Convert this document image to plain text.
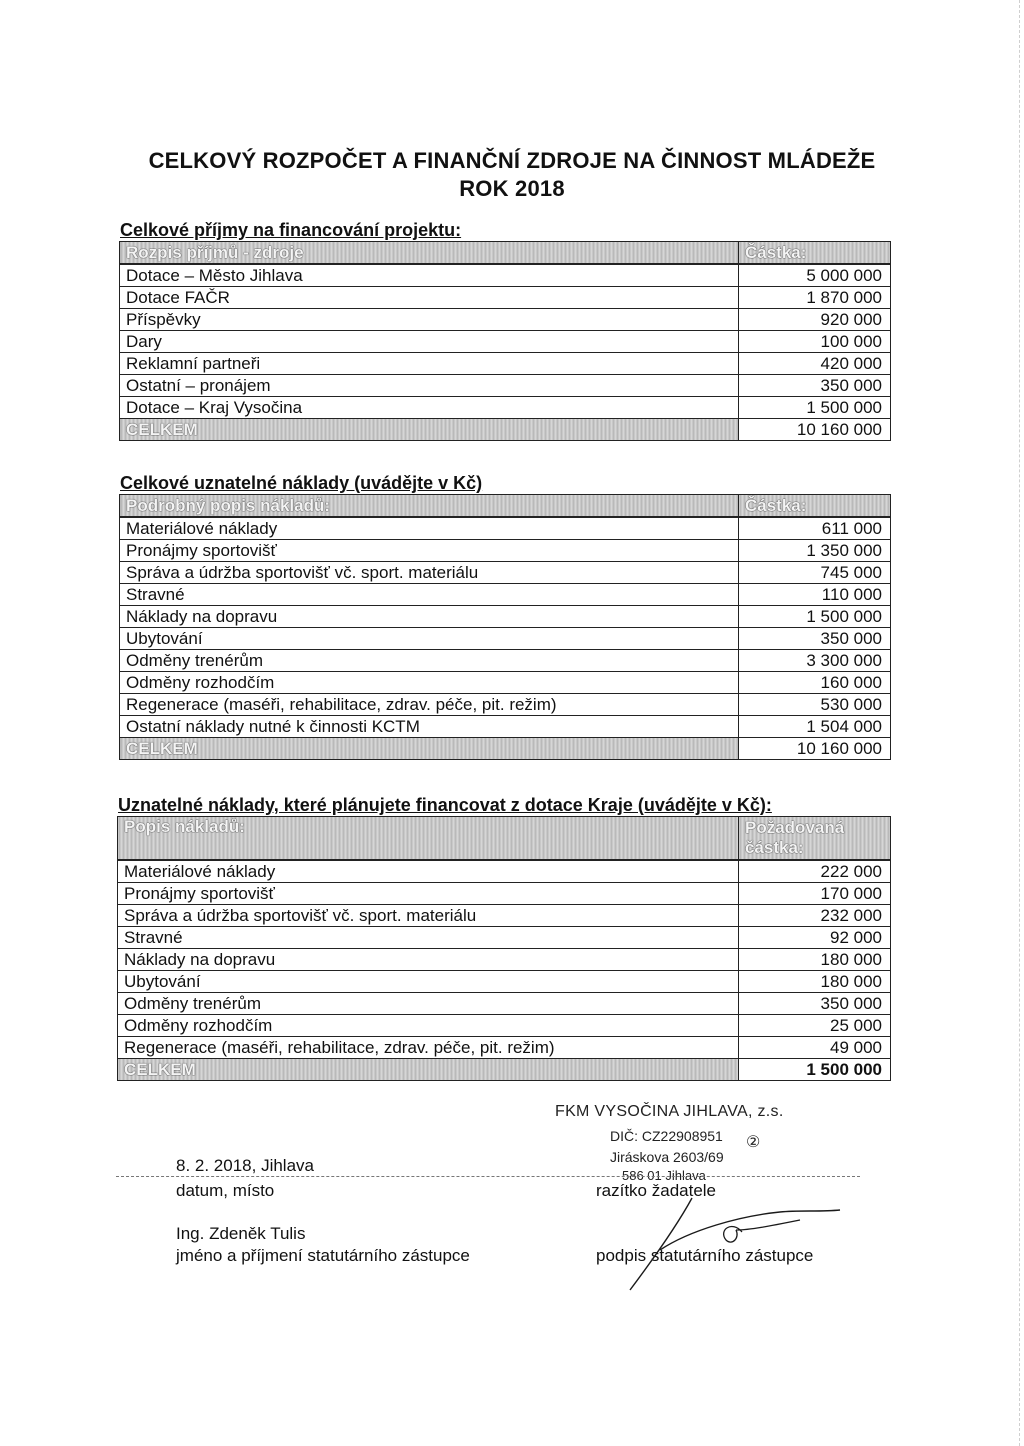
CELKOVÝ ROZPOČET A FINANČNÍ ZDROJE NA ČINNOST MLÁDEŽE
ROK 2018
Celkové příjmy na financování projektu:
Rozpis příjmů - zdroje	Částka:
Dotace – Město Jihlava	5 000 000
Dotace FAČR	1 870 000
Příspěvky	920 000
Dary	100 000
Reklamní partneři	420 000
Ostatní – pronájem	350 000
Dotace – Kraj Vysočina	1 500 000
CELKEM	10 160 000
Celkové uznatelné náklady (uvádějte v Kč)
Podrobný popis nákladů:	Částka:
Materiálové náklady	611 000
Pronájmy sportovišť	1 350 000
Správa a údržba sportovišť vč. sport. materiálu	745 000
Stravné	110 000
Náklady na dopravu	1 500 000
Ubytování	350 000
Odměny trenérům	3 300 000
Odměny rozhodčím	160 000
Regenerace (maséři, rehabilitace, zdrav. péče, pit. režim)	530 000
Ostatní náklady nutné k činnosti KCTM	1 504 000
CELKEM	10 160 000
Uznatelné náklady, které plánujete financovat z dotace Kraje (uvádějte v Kč):
Popis nákladů:	Požadovaná
částka:

Materiálové náklady	222 000
Pronájmy sportovišť	170 000
Správa a údržba sportovišť vč. sport. materiálu	232 000
Stravné	92 000
Náklady na dopravu	180 000
Ubytování	180 000
Odměny trenérům	350 000
Odměny rozhodčím	25 000
Regenerace (maséři, rehabilitace, zdrav. péče, pit. režim)	49 000
CELKEM	1 500 000
FKM VYSOČINA JIHLAVA, z.s.
DIČ: CZ22908951 ②
Jiráskova 2603/69
586 01 Jihlava
8. 2. 2018, Jihlava
datum, místo	razítko žadatele
Ing. Zdeněk Tulis
jméno a příjmení statutárního zástupce	podpis statutárního zástupce
